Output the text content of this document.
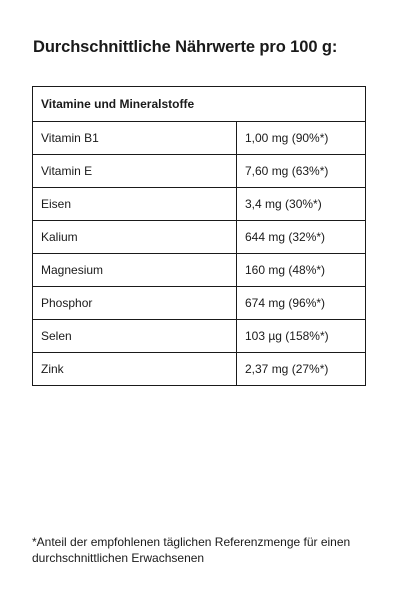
Durchschnittliche Nährwerte pro 100 g:
Vitamine und Mineralstoffe	
Vitamin B1	1,00 mg (90%*)
Vitamin E	7,60 mg (63%*)
Eisen	3,4 mg (30%*)
Kalium	644 mg (32%*)
Magnesium	160 mg (48%*)
Phosphor	674 mg (96%*)
Selen	103 µg (158%*)
Zink	2,37 mg (27%*)
*Anteil der empfohlenen täglichen Referenzmenge für einen durchschnittlichen Erwachsenen
